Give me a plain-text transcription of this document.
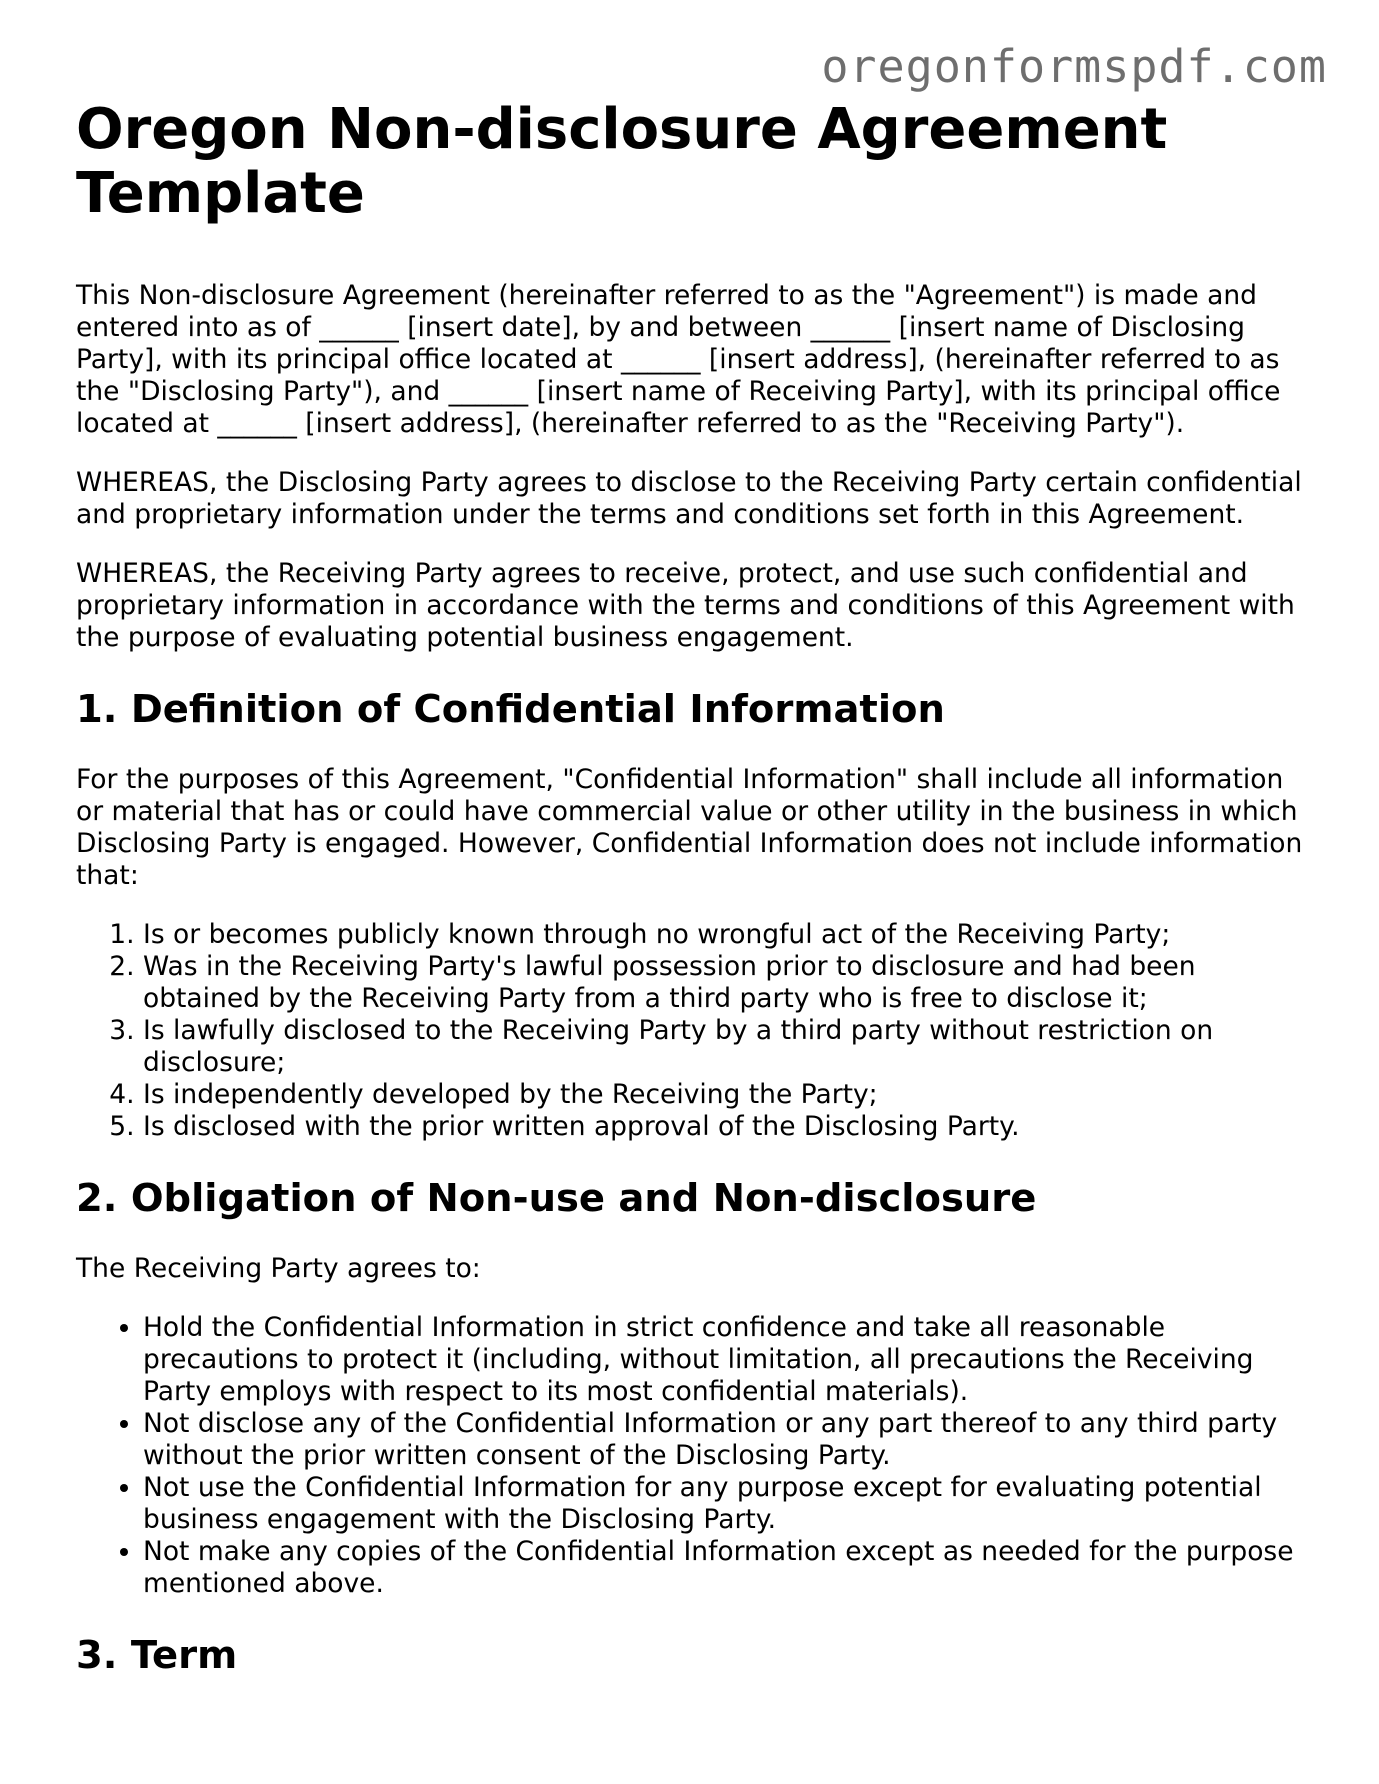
oregonformspdf.com
Oregon Non-disclosure Agreement Template

This Non-disclosure Agreement (hereinafter referred to as the "Agreement") is made and entered into as of ______ [insert date], by and between ______ [insert name of Disclosing Party], with its principal office located at ______ [insert address], (hereinafter referred to as the "Disclosing Party"), and ______ [insert name of Receiving Party], with its principal office located at ______ [insert address], (hereinafter referred to as the "Receiving Party").

WHEREAS, the Disclosing Party agrees to disclose to the Receiving Party certain confidential and proprietary information under the terms and conditions set forth in this Agreement.

WHEREAS, the Receiving Party agrees to receive, protect, and use such confidential and proprietary information in accordance with the terms and conditions of this Agreement with the purpose of evaluating potential business engagement.

1. Definition of Confidential Information

For the purposes of this Agreement, "Confidential Information" shall include all information or material that has or could have commercial value or other utility in the business in which Disclosing Party is engaged. However, Confidential Information does not include information that:

1. Is or becomes publicly known through no wrongful act of the Receiving Party;
2. Was in the Receiving Party's lawful possession prior to disclosure and had been obtained by the Receiving Party from a third party who is free to disclose it;
3. Is lawfully disclosed to the Receiving Party by a third party without restriction on disclosure;
4. Is independently developed by the Receiving the Party;
5. Is disclosed with the prior written approval of the Disclosing Party.
2. Obligation of Non-use and Non-disclosure

The Receiving Party agrees to:

• Hold the Confidential Information in strict confidence and take all reasonable precautions to protect it (including, without limitation, all precautions the Receiving Party employs with respect to its most confidential materials).
• Not disclose any of the Confidential Information or any part thereof to any third party without the prior written consent of the Disclosing Party.
• Not use the Confidential Information for any purpose except for evaluating potential business engagement with the Disclosing Party.
• Not make any copies of the Confidential Information except as needed for the purpose mentioned above.
3. Term
